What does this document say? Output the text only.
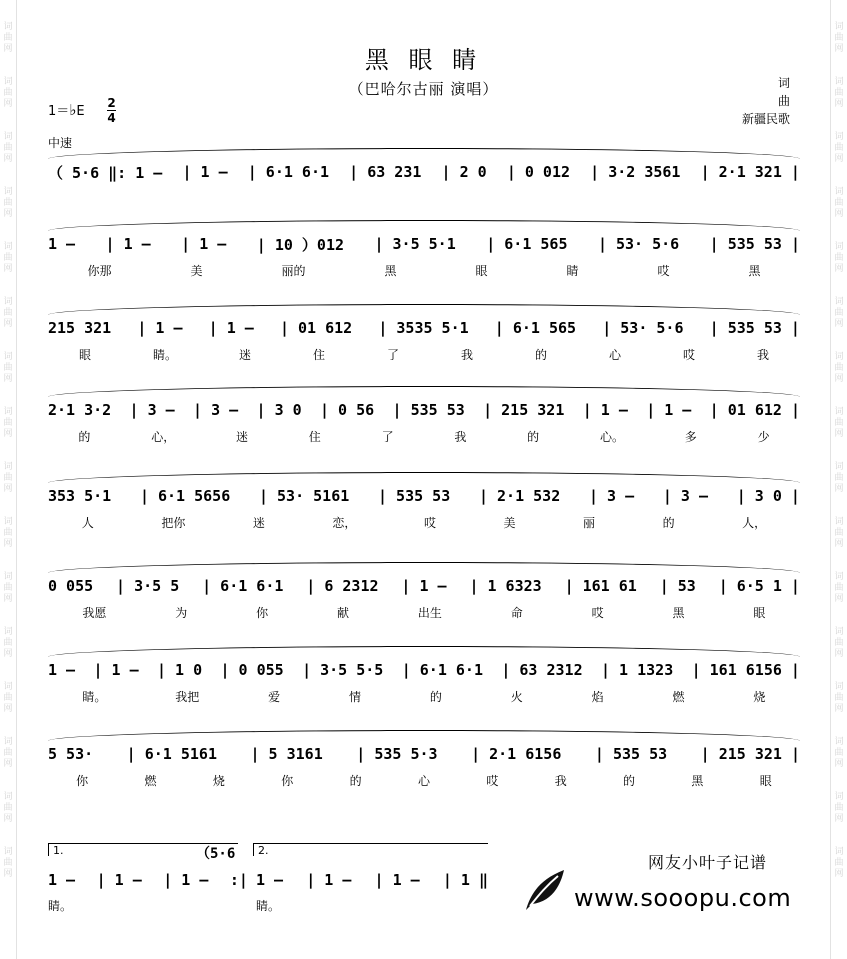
词
曲
网
词
曲
网
词
曲
网
词
曲
网
词
曲
网
词
曲
网
词
曲
网
词
曲
网
词
曲
网
词
曲
网
词
曲
网
词
曲
网
词
曲
网
词
曲
网
词
曲
网
词
曲
网
词
曲
网
词
曲
网
词
曲
网
词
曲
网
词
曲
网
词
曲
网
词
曲
网
词
曲
网
词
曲
网
词
曲
网
词
曲
网
词
曲
网
词
曲
网
词
曲
网
词
曲
网
词
曲
网
黑 眼 睛
（巴哈尔古丽 演唱）
1＝♭E
2
4
中速
词
曲
新疆民歌
（ 5·6 ‖: 1 – | 1 – | 6·1 6·1 | 63 231 | 2 0 | 0 012 | 3·2 3561 | 2·1 321 |
1 – | 1 – | 1 – | 10 ）012 | 3·5 5·1 | 6·1 565 | 53· 5·6 | 535 53 |
你那	美	丽的	黑	眼	睛	哎	黑
215 321 | 1 – | 1 – | 01 612 | 3535 5·1 | 6·1 565 | 53· 5·6 | 535 53 |
眼	睛。	迷	住	了	我	的	心	哎	我
2·1 3·2 | 3 – | 3 – | 3 0 | 0 56 | 535 53 | 215 321 | 1 – | 1 – | 01 612 |
的	心，	迷	住	了	我	的	心。	多	少
353 5·1 | 6·1 5656 | 53· 5161 | 535 53 | 2·1 532 | 3 – | 3 – | 3 0 |
人	把你	迷	恋，	哎	美	丽	的	人，
0 055 | 3·5 5 | 6·1 6·1 | 6 2312 | 1 – | 1 6323 | 161 61 | 53 | 6·5 1 |
我愿	为	你	献	出生	命	哎	黑	眼
1 – | 1 – | 1 0 | 0 055 | 3·5 5·5 | 6·1 6·1 | 63 2312 | 1 1323 | 161 6156 |
睛。	我把	爱	情	的	火	焰	燃	烧
5 53· | 6·1 5161 | 5 3161 | 535 5·3 | 2·1 6156 | 535 53 | 215 321 |
你	燃	烧	你	的	心	哎	我	的	黑	眼
1.	（5·6	2.
1 – | 1 – | 1 – :| 1 – | 1 – | 1 – | 1 ‖
睛。	睛。
网友小叶子记谱
www.sooopu.com
